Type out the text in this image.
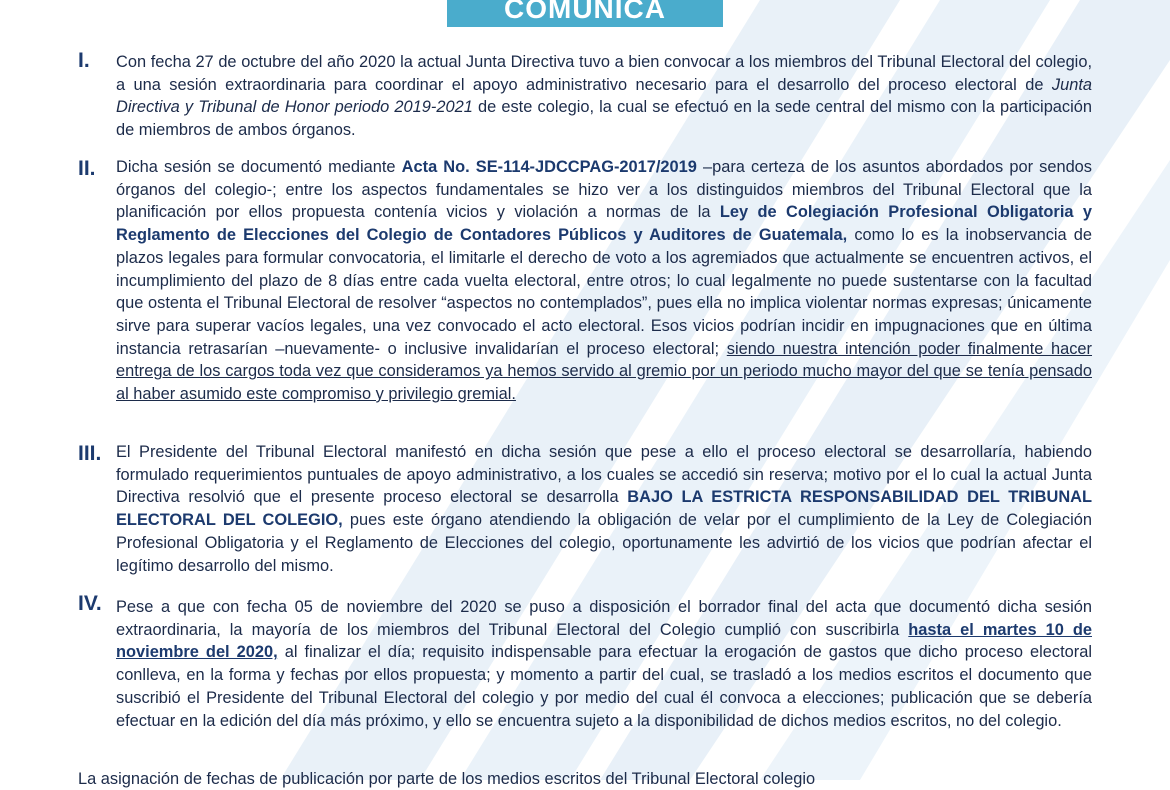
COMUNICA
I. Con fecha 27 de octubre del año 2020 la actual Junta Directiva tuvo a bien convocar a los miembros del Tribunal Electoral del colegio, a una sesión extraordinaria para coordinar el apoyo administrativo necesario para el desarrollo del proceso electoral de Junta Directiva y Tribunal de Honor periodo 2019-2021 de este colegio, la cual se efectuó en la sede central del mismo con la participación de miembros de ambos órganos.
II. Dicha sesión se documentó mediante Acta No. SE-114-JDCCPAG-2017/2019 –para certeza de los asuntos abordados por sendos órganos del colegio-; entre los aspectos fundamentales se hizo ver a los distinguidos miembros del Tribunal Electoral que la planificación por ellos propuesta contenía vicios y violación a normas de la Ley de Colegiación Profesional Obligatoria y Reglamento de Elecciones del Colegio de Contadores Públicos y Auditores de Guatemala, como lo es la inobservancia de plazos legales para formular convocatoria, el limitarle el derecho de voto a los agremiados que actualmente se encuentren activos, el incumplimiento del plazo de 8 días entre cada vuelta electoral, entre otros; lo cual legalmente no puede sustentarse con la facultad que ostenta el Tribunal Electoral de resolver “aspectos no contemplados”, pues ella no implica violentar normas expresas; únicamente sirve para superar vacíos legales, una vez convocado el acto electoral. Esos vicios podrían incidir en impugnaciones que en última instancia retrasarían –nuevamente- o inclusive invalidarían el proceso electoral; siendo nuestra intención poder finalmente hacer entrega de los cargos toda vez que consideramos ya hemos servido al gremio por un periodo mucho mayor del que se tenía pensado al haber asumido este compromiso y privilegio gremial.
III. El Presidente del Tribunal Electoral manifestó en dicha sesión que pese a ello el proceso electoral se desarrollaría, habiendo formulado requerimientos puntuales de apoyo administrativo, a los cuales se accedió sin reserva; motivo por el lo cual la actual Junta Directiva resolvió que el presente proceso electoral se desarrolla BAJO LA ESTRICTA RESPONSABILIDAD DEL TRIBUNAL ELECTORAL DEL COLEGIO, pues este órgano atendiendo la obligación de velar por el cumplimiento de la Ley de Colegiación Profesional Obligatoria y el Reglamento de Elecciones del colegio, oportunamente les advirtió de los vicios que podrían afectar el legítimo desarrollo del mismo.
IV. Pese a que con fecha 05 de noviembre del 2020 se puso a disposición el borrador final del acta que documentó dicha sesión extraordinaria, la mayoría de los miembros del Tribunal Electoral del Colegio cumplió con suscribirla hasta el martes 10 de noviembre del 2020, al finalizar el día; requisito indispensable para efectuar la erogación de gastos que dicho proceso electoral conlleva, en la forma y fechas por ellos propuesta; y momento a partir del cual, se trasladó a los medios escritos el documento que suscribió el Presidente del Tribunal Electoral del colegio y por medio del cual él convoca a elecciones; publicación que se debería efectuar en la edición del día más próximo, y ello se encuentra sujeto a la disponibilidad de dichos medios escritos, no del colegio.
La asignación de fechas de publicación por parte de los medios escritos del Tribunal Electoral colegio
